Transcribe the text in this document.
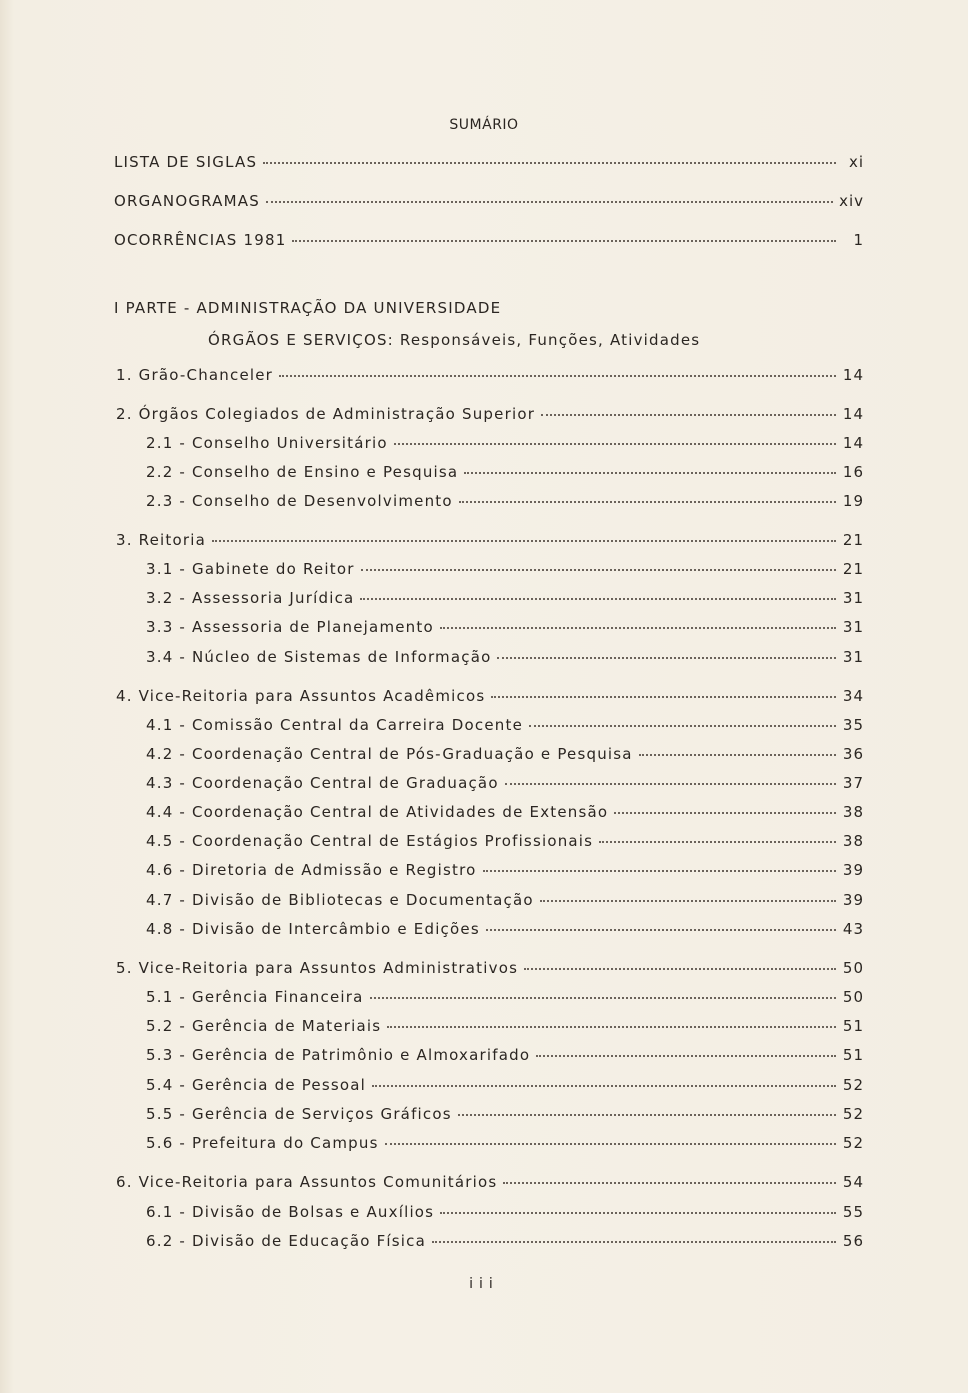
SUMÁRIO
LISTA DE SIGLAS	xi
ORGANOGRAMAS	xiv
OCORRÊNCIAS 1981	1
I PARTE - ADMINISTRAÇÃO DA UNIVERSIDADE
ÓRGÃOS E SERVIÇOS: Responsáveis, Funções, Atividades
1. Grão-Chanceler	14
2. Órgãos Colegiados de Administração Superior	14
2.1 - Conselho Universitário	14
2.2 - Conselho de Ensino e Pesquisa	16
2.3 - Conselho de Desenvolvimento	19
3. Reitoria	21
3.1 - Gabinete do Reitor	21
3.2 - Assessoria Jurídica	31
3.3 - Assessoria de Planejamento	31
3.4 - Núcleo de Sistemas de Informação	31
4. Vice-Reitoria para Assuntos Acadêmicos	34
4.1 - Comissão Central da Carreira Docente	35
4.2 - Coordenação Central de Pós-Graduação e Pesquisa	36
4.3 - Coordenação Central de Graduação	37
4.4 - Coordenação Central de Atividades de Extensão	38
4.5 - Coordenação Central de Estágios Profissionais	38
4.6 - Diretoria de Admissão e Registro	39
4.7 - Divisão de Bibliotecas e Documentação	39
4.8 - Divisão de Intercâmbio e Edições	43
5. Vice-Reitoria para Assuntos Administrativos	50
5.1 - Gerência Financeira	50
5.2 - Gerência de Materiais	51
5.3 - Gerência de Patrimônio e Almoxarifado	51
5.4 - Gerência de Pessoal	52
5.5 - Gerência de Serviços Gráficos	52
5.6 - Prefeitura do Campus	52
6. Vice-Reitoria para Assuntos Comunitários	54
6.1 - Divisão de Bolsas e Auxílios	55
6.2 - Divisão de Educação Física	56
iii
